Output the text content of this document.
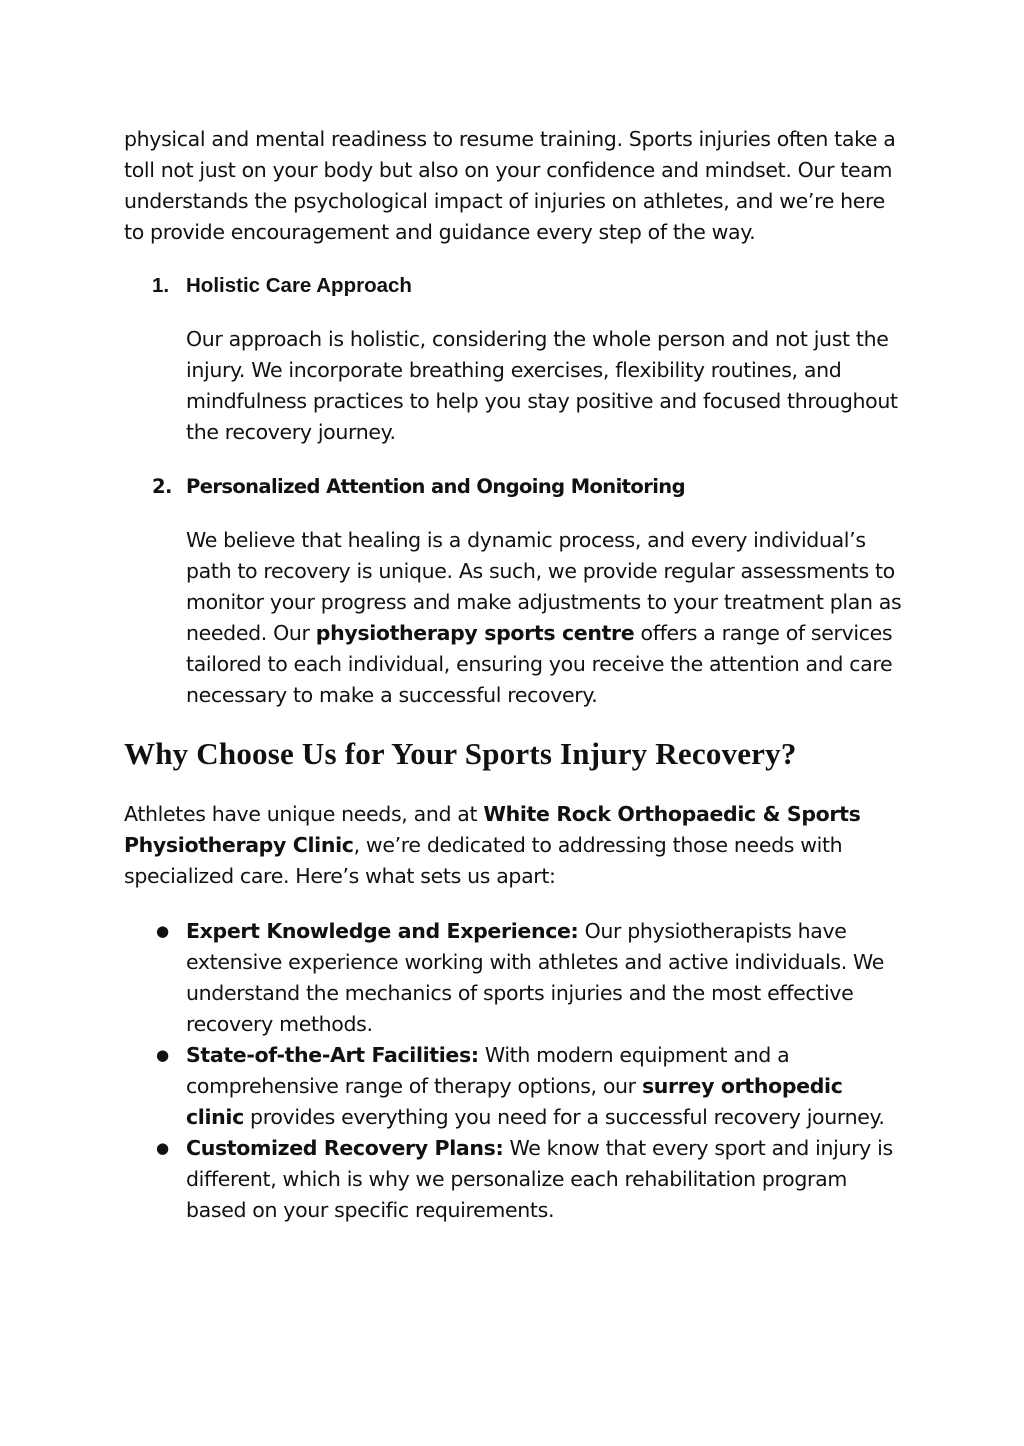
physical and mental readiness to resume training. Sports injuries often take a toll not just on your body but also on your confidence and mindset. Our team understands the psychological impact of injuries on athletes, and we’re here to provide encouragement and guidance every step of the way.

1. Holistic Care Approach

Our approach is holistic, considering the whole person and not just the injury. We incorporate breathing exercises, flexibility routines, and mindfulness practices to help you stay positive and focused throughout the recovery journey.

2. Personalized Attention and Ongoing Monitoring

We believe that healing is a dynamic process, and every individual’s path to recovery is unique. As such, we provide regular assessments to monitor your progress and make adjustments to your treatment plan as needed. Our physiotherapy sports centre offers a range of services tailored to each individual, ensuring you receive the attention and care necessary to make a successful recovery.

Why Choose Us for Your Sports Injury Recovery?

Athletes have unique needs, and at White Rock Orthopaedic & Sports Physiotherapy Clinic, we’re dedicated to addressing those needs with specialized care. Here’s what sets us apart:

● Expert Knowledge and Experience: Our physiotherapists have extensive experience working with athletes and active individuals. We understand the mechanics of sports injuries and the most effective recovery methods.
● State-of-the-Art Facilities: With modern equipment and a comprehensive range of therapy options, our surrey orthopedic clinic provides everything you need for a successful recovery journey.
● Customized Recovery Plans: We know that every sport and injury is different, which is why we personalize each rehabilitation program based on your specific requirements.
